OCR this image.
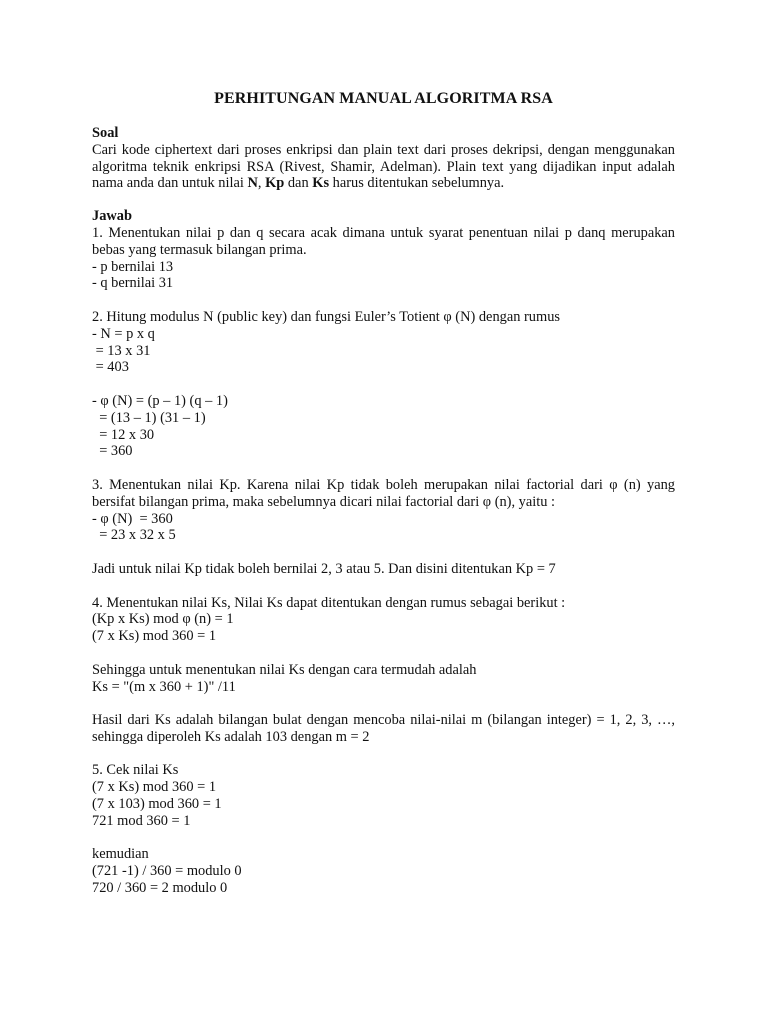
PERHITUNGAN MANUAL ALGORITMA RSA
Soal

Cari kode ciphertext dari proses enkripsi dan plain text dari proses dekripsi, dengan menggunakan algoritma teknik enkripsi RSA (Rivest, Shamir, Adelman). Plain text yang dijadikan input adalah nama anda dan untuk nilai N, Kp dan Ks harus ditentukan sebelumnya.

Jawab

1. Menentukan nilai p dan q secara acak dimana untuk syarat penentuan nilai p danq merupakan bebas yang termasuk bilangan prima.

- p bernilai 13
- q bernilai 31

2. Hitung modulus N (public key) dan fungsi Euler’s Totient φ (N) dengan rumus

- N = p x q
= 13 x 31
= 403
- φ (N) = (p – 1) (q – 1)
= (13 – 1) (31 – 1)
= 12 x 30
= 360

3. Menentukan nilai Kp. Karena nilai Kp tidak boleh merupakan nilai factorial dari φ (n) yang bersifat bilangan prima, maka sebelumnya dicari nilai factorial dari φ (n), yaitu :

- φ (N)  = 360
= 23 x 32 x 5

Jadi untuk nilai Kp tidak boleh bernilai 2, 3 atau 5. Dan disini ditentukan Kp = 7

4. Menentukan nilai Ks, Nilai Ks dapat ditentukan dengan rumus sebagai berikut :

(Kp x Ks) mod φ (n) = 1
(7 x Ks) mod 360 = 1
Sehingga untuk menentukan nilai Ks dengan cara termudah adalah
Ks = "(m x 360 + 1)" /11

Hasil dari Ks adalah bilangan bulat dengan mencoba nilai-nilai m (bilangan integer) = 1, 2, 3, …, sehingga diperoleh Ks adalah 103 dengan m = 2

5. Cek nilai Ks
(7 x Ks) mod 360 = 1
(7 x 103) mod 360 = 1
721 mod 360 = 1
kemudian
(721 -1) / 360 = modulo 0
720 / 360 = 2 modulo 0
